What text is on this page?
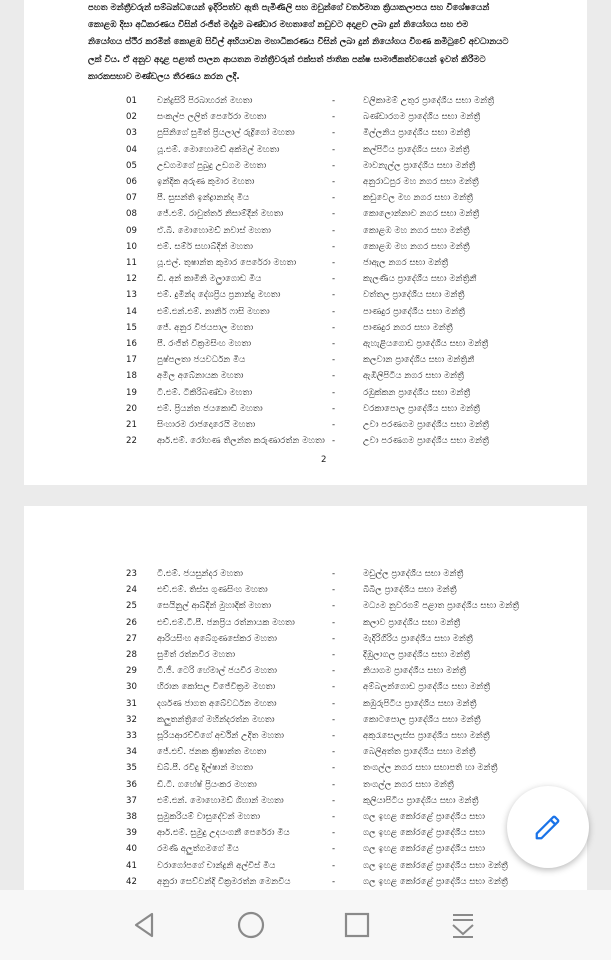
පහත මන්ත්‍රීවරුන් සම්බන්ධයෙන් ඉදිරිපත්ව ඇති පැමිණිලි සහ ඔවුන්ගේ වර්තමාන ක්‍රියාකලාපය සහ විශේෂයෙන්
කොළඹ දිසා අධිකරණය විසින් රංජිත් මද්දුම බණ්ඩාර මහතාගේ නඩුවට අදාළව ලබා දුන් නියෝගය සහ එම
නියෝගය ස්ථිර කරමින් කොළඹ සිවිල් අභියාචන මහාධිකරණය විසින් ලබා දුන් නියෝගය විගණ කමිටුවේ අවධානයට
ලක් විය. ඒ අනුව අදාළ පළාත් පාලන ආයතන මන්ත්‍රීවරුන් එක්සත් ජාතික පක්ෂ සාමාජිකත්වයෙන් ඉවත් කිරීමට
කාරකසභාව මණ්ඩලය තීරණය කරන ලදී.
01 චන්ද්‍රසිරි පිරබාහරන් මහතා	-	වලිකාමම් උතුර ප්‍රාදේශීය සභා මන්ත්‍රී
02 සංකල්ප ලලිත් පෙරේරා මහතා	-	බණ්ඩාරගම ප්‍රාදේශීය සභා මන්ත්‍රී
03 පුසිනිගේ සුමිත් ප්‍රියලාල් රුද්‍රිගෝ මහතා	-	මිල්ලනිය ප්‍රාදේශීය සභා මන්ත්‍රී
04 යූ.එම්. මොහොමඩ් අක්මල් මහතා	-	කල්පිටිය ප්‍රාදේශීය සභා මන්ත්‍රී
05 උඩගමගේ පුබුදු උඩගම මහතා	-	මාවනැල්ල ප්‍රාදේශීය සභා මන්ත්‍රී
06 ඉන්දික අරුණ කුමාර මහතා	-	අනුරාධපුර මහ නගර සභා මන්ත්‍රී
07 පී. සුසන්ති ඉන්ද්‍රානන්ද මිය	-	කඩුවෙල මහ නගර සභා මන්ත්‍රී
08 ජේ.එම්. රාවුත්තර් නිසාම්දීන් මහතා	-	කොලොන්නාව නගර සභා මන්ත්‍රී
09 ඒ.බී. මොහොමඩ් නවාස් මහතා	-	කොළඹ මහ නගර සභා මන්ත්‍රී
10 එම්. සම්ර් සහාබ්දීන් මහතා	-	කොළඹ මහ නගර සභා මන්ත්‍රී
11 යූ.එල්. තුෂාන්ත කුමාර පෙරේරා මහතා	-	ජාඇල නගර සභා මන්ත්‍රී
12 ඩී. අන් කාමිනි මල්‍රාගොඩ මිය	-	කැලණිය ප්‍රාදේශීය සභා මන්ත්‍රිනී
13 එම්. දුමින්ද දේශප්‍රිය ප්‍රනාන්දු මහතා	-	වත්තල ප්‍රාදේශීය සභා මන්ත්‍රී
14 එම්.එන්.එම්. නානිර් ෆාසි මහතා	-	පාණදුර ප්‍රාදේශීය සභා මන්ත්‍රී
15 ජේ. අනුර විජයපාල මහතා	-	පාණදුර නගර සභා මන්ත්‍රී
16 පී. රංජිත් වික්‍රමසිංහ මහතා	-	ඇහැළියගොඩ ප්‍රාදේශීය සභා මන්ත්‍රී
17 පුෂ්පලතා ජයවර්ධන මිය	-	කලවාන ප්‍රාදේශීය සභා මන්ත්‍රිනී
18 අමිල අබේනායක මහතා	-	ඇඹිලිපිටිය නගර සභා මන්ත්‍රී
19 ටී.එම්. ටිකිරිබණ්ඩා මහතා	-	රඹුක්කන ප්‍රාදේශීය සභා මන්ත්‍රී
20 එම්. ප්‍රියන්ත ජයකොඩි මහතා	-	වරකාපොල ප්‍රාදේශීය සභා මන්ත්‍රී
21 සිංහාරම රාජදොරෙයි මහතා	-	උවා පරණගම ප්‍රාදේශීය සභා මන්ත්‍රී
22 ආර්.එම්. රෝහණ තිලන්ත කරුණාරත්න මහතා -	උවා පරණගම ප්‍රාදේශීය සභා මන්ත්‍රී
2
23 ටී.එම්. ජයසුන්දර මහතා	-	මඩුල්ල ප්‍රාදේශීය සභා මන්ත්‍රී
24 එච්.එම්. තිස්ස ගුණසිංහ මහතා	-	බිබිල ප්‍රාදේශීය සභා මන්ත්‍රී
25 සෙයිනුල් ආබ්දීන් මුහාදික් මහතා	-	මධ්‍යම නුවරගම් පළාත ප්‍රාදේශීය සභා මන්ත්‍රී
26 එච්.එම්.ටී.පී. ජනප්‍රිය රත්නායක මහතා	-	කලාව ප්‍රාදේශීය සභා මන්ත්‍රී
27 ආරියසිංහ අබේගුණසේකර මහතා	-	මැදිරිගිරිය ප්‍රාදේශීය සභා මන්ත්‍රී
28 සුමිත් රත්නවීර මහතා	-	දිඹුලාගල ප්‍රාදේශීය සභා මන්ත්‍රී
29 ටී.ජී. ටෙරි හේමාල් ජයවීර මහතා	-	නියාගම ප්‍රාදේශීය සභා මන්ත්‍රී
30 හිරාන කෝසල විජේවික්‍රම මහතා	-	අම්බලන්ගොඩ ප්‍රාදේශීය සභා මන්ත්‍රී
31 දර්ශණ ජාගත අබේවර්ධන මහතා	-	කඹුරුපිටිය ප්‍රාදේශීය සභා මන්ත්‍රී
32 කලුතන්ත්‍රිගේ මහින්දරත්න මහතා	-	කොටපොල ප්‍රාදේශීය සභා මන්ත්‍රී
33 සූරියආරච්චිගේ අර්චින් උදිත මහතා	-	අකුරැසෙලැස්ස ප්‍රාදේශීය සභා මන්ත්‍රී
34 ජේ.එච්. ජනක ක්‍රිෂාන්ත මහතා	-	බෙලිඅත්ත ප්‍රාදේශීය සභා මන්ත්‍රී
35 ඩබ්.පී. රවිදු දිල්ෂාන් මහතා	-	තංගල්ල නගර සභා සභාපති හා මන්ත්‍රී
36 ඩී.ටී. ගහේෂ් ප්‍රියංකර මහතා	-	තංගල්ල නගර සභා මන්ත්‍රී
37 එම්.එන්. මොහොමඩ් ශිහාන් මහතා	-	කුලියාපිටිය ප්‍රාදේශීය සභා මන්ත්‍රී
38 සුමුකරියම් වාසුදේවන් මහතා	-	ගල ඉහළ කෝරළේ ප්‍රාදේශීය සභා
39 ආර්.එම්. සුමුදු උදයංගනී පෙරේරා මිය	-	ගල ඉහළ කෝරළේ ප්‍රාදේශීය සභා
40 රමණී අලුත්ගමගේ මිය	-	ගල ඉහළ කෝරළේ ප්‍රාදේශීය සභා
41 වරාගෝපගේ චාන්ද්‍රනි අල්විස් මිය	-	ගල ඉහළ කෝරළේ ප්‍රාදේශීය සභා මන්ත්‍රී
42 අනුරා සෙව්වන්දි වික්‍රමරත්න මෙනවිය	-	ගල ඉහළ කෝරළේ ප්‍රාදේශීය සභා මන්ත්‍රී
